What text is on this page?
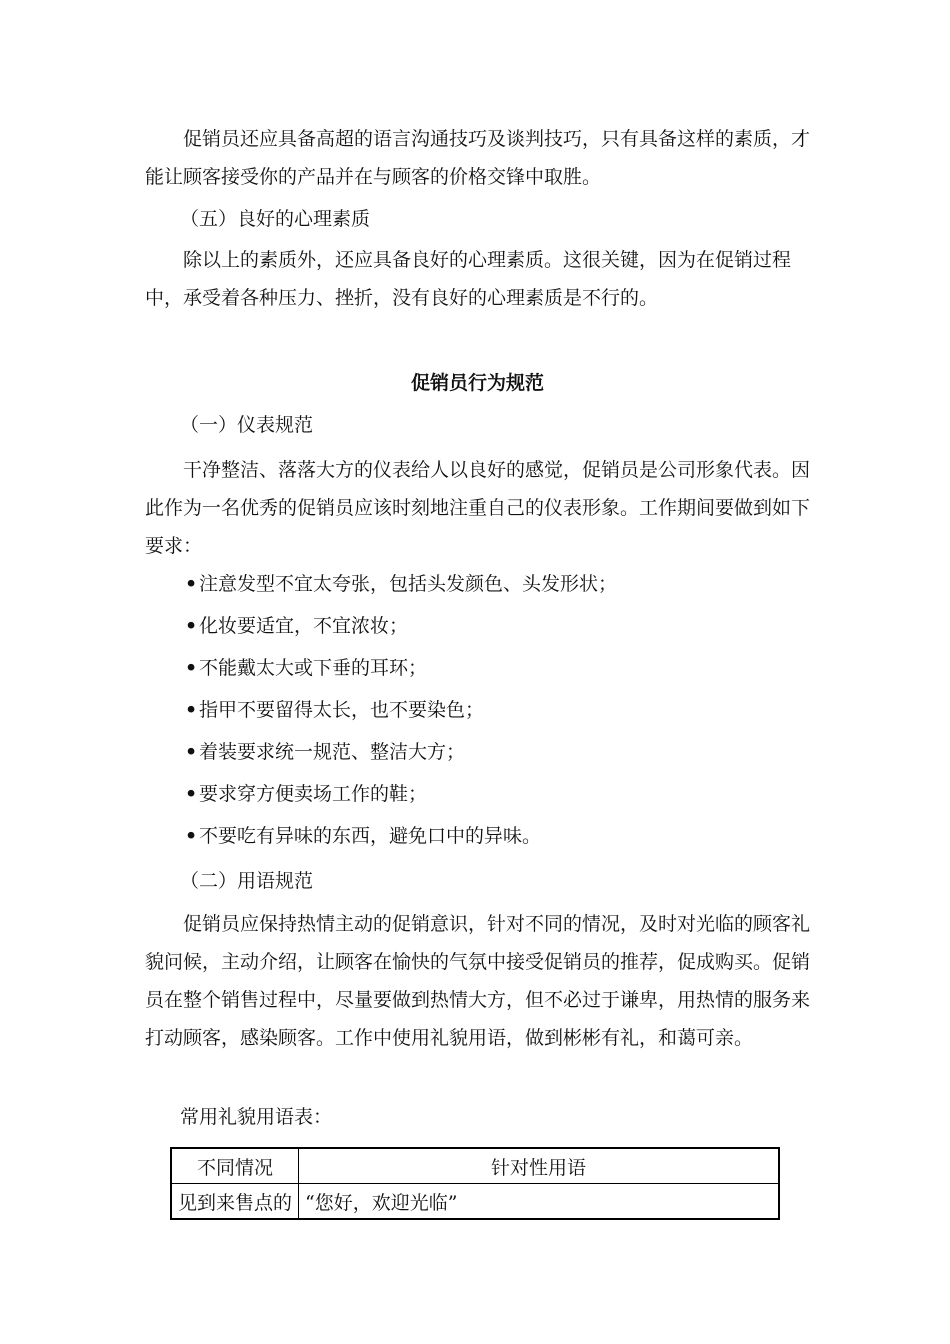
促销员还应具备高超的语言沟通技巧及谈判技巧，只有具备这样的素质，才能让顾客接受你的产品并在与顾客的价格交锋中取胜。

（五）良好的心理素质

除以上的素质外，还应具备良好的心理素质。这很关键，因为在促销过程中，承受着各种压力、挫折，没有良好的心理素质是不行的。

促销员行为规范

（一）仪表规范

干净整洁、落落大方的仪表给人以良好的感觉，促销员是公司形象代表。因此作为一名优秀的促销员应该时刻地注重自己的仪表形象。工作期间要做到如下要求：

•注意发型不宜太夸张，包括头发颜色、头发形状；
•化妆要适宜，不宜浓妆；
•不能戴太大或下垂的耳环；
•指甲不要留得太长，也不要染色；
•着装要求统一规范、整洁大方；
•要求穿方便卖场工作的鞋；
•不要吃有异味的东西，避免口中的异味。

（二）用语规范

促销员应保持热情主动的促销意识，针对不同的情况，及时对光临的顾客礼貌问候，主动介绍，让顾客在愉快的气氛中接受促销员的推荐，促成购买。促销员在整个销售过程中，尽量要做到热情大方，但不必过于谦卑，用热情的服务来打动顾客，感染顾客。工作中使用礼貌用语，做到彬彬有礼，和蔼可亲。

常用礼貌用语表：

不同情况	针对性用语
见到来售点的	“您好，欢迎光临”
